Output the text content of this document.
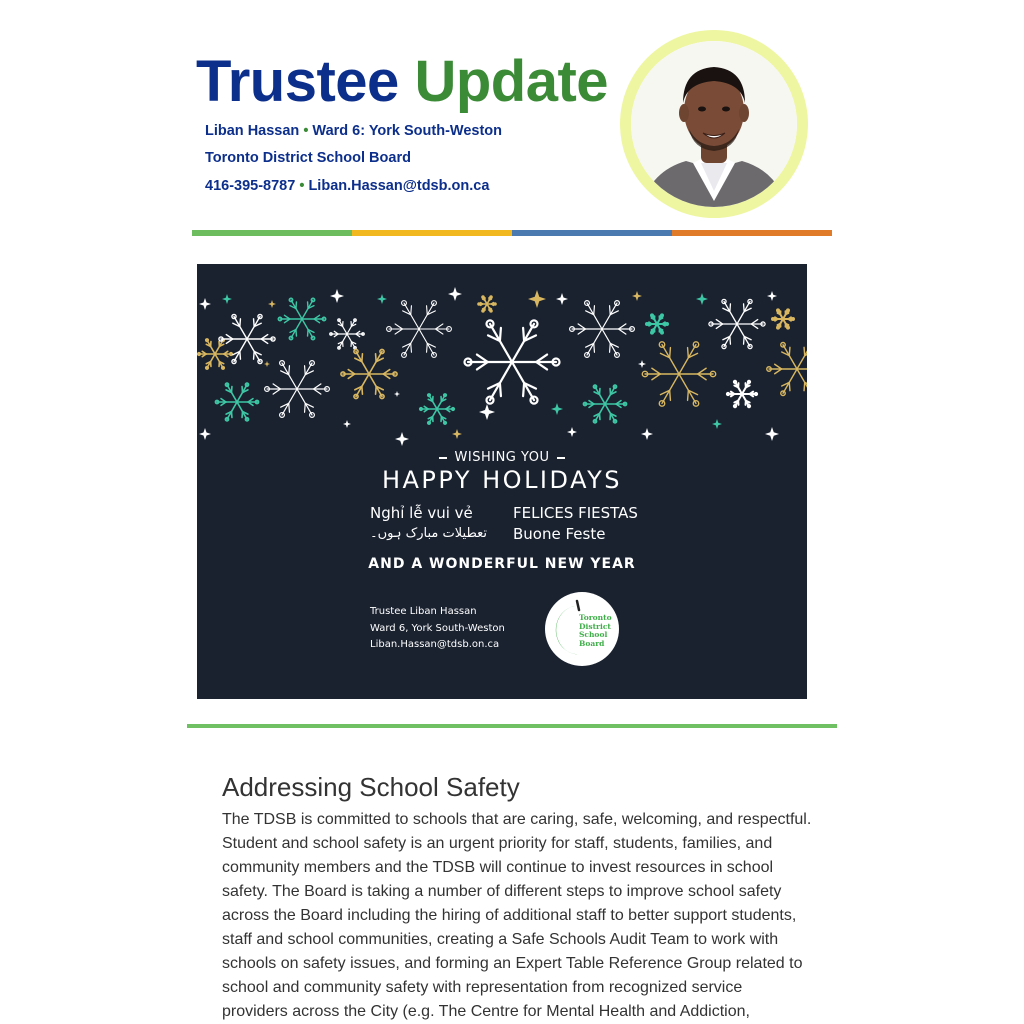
Trustee Update
Liban Hassan • Ward 6: York South-Weston
Toronto District School Board
416-395-8787 • Liban.Hassan@tdsb.on.ca
WISHING YOU
HAPPY HOLIDAYS
Nghỉ lễ vui vẻ
تعطیلات مبارک ہوں۔
FELICES FIESTAS
Buone Feste
AND A WONDERFUL NEW YEAR
Trustee Liban Hassan
Ward 6, York South-Weston
Liban.Hassan@tdsb.on.ca
Toronto
District
School
Board
Addressing School Safety

The TDSB is committed to schools that are caring, safe, welcoming, and respectful. Student and school safety is an urgent priority for staff, students, families, and community members and the TDSB will continue to invest resources in school safety. The Board is taking a number of different steps to improve school safety across the Board including the hiring of additional staff to better support students, staff and school communities, creating a Safe Schools Audit Team to work with schools on safety issues, and forming an Expert Table Reference Group related to school and community safety with representation from recognized service providers across the City (e.g. The Centre for Mental Health and Addiction,
